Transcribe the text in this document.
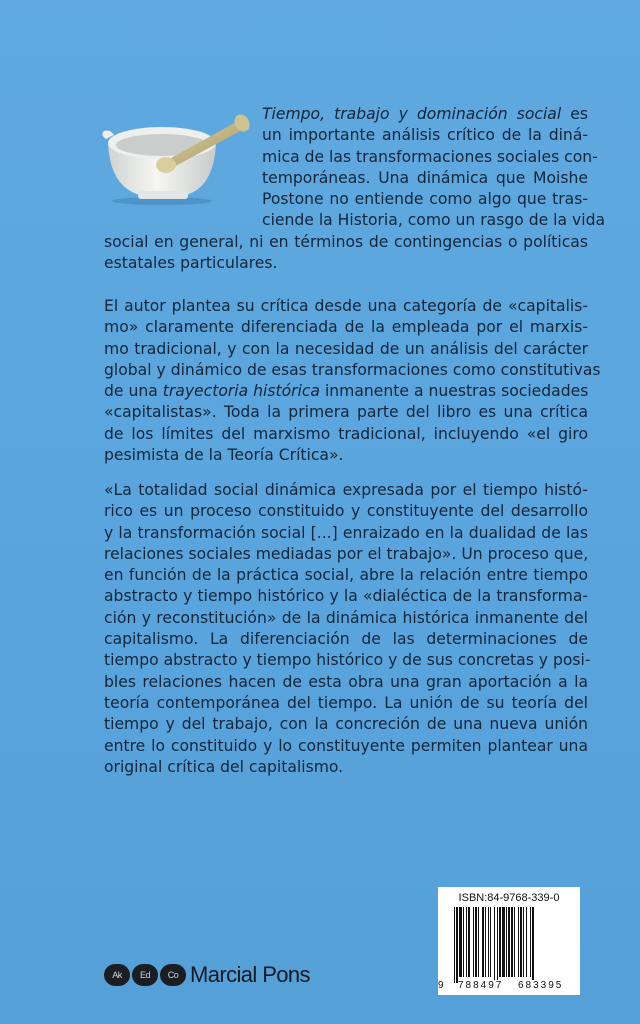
Tiempo, trabajo y dominación social es
un importante análisis crítico de la diná-
mica de las transformaciones sociales con-
temporáneas. Una dinámica que Moishe
Postone no entiende como algo que tras-
ciende la Historia, como un rasgo de la vida
social en general, ni en términos de contingencias o políticas
estatales particulares.

El autor plantea su crítica desde una categoría de «capitalis-
mo» claramente diferenciada de la empleada por el marxis-
mo tradicional, y con la necesidad de un análisis del carácter
global y dinámico de esas transformaciones como constitutivas
de una trayectoria histórica inmanente a nuestras sociedades
«capitalistas». Toda la primera parte del libro es una crítica
de los límites del marxismo tradicional, incluyendo «el giro
pesimista de la Teoría Crítica».

«La totalidad social dinámica expresada por el tiempo histó-
rico es un proceso constituido y constituyente del desarrollo
y la transformación social [...] enraizado en la dualidad de las
relaciones sociales mediadas por el trabajo». Un proceso que,
en función de la práctica social, abre la relación entre tiempo
abstracto y tiempo histórico y la «dialéctica de la transforma-
ción y reconstitución» de la dinámica histórica inmanente del
capitalismo. La diferenciación de las determinaciones de
tiempo abstracto y tiempo histórico y de sus concretas y posi-
bles relaciones hacen de esta obra una gran aportación a la
teoría contemporánea del tiempo. La unión de su teoría del
tiempo y del trabajo, con la concreción de una nueva unión
entre lo constituido y lo constituyente permiten plantear una
original crítica del capitalismo.

Ak	Ed	Co Marcial Pons
ISBN:84-9768-339-0
9 788497 683395
